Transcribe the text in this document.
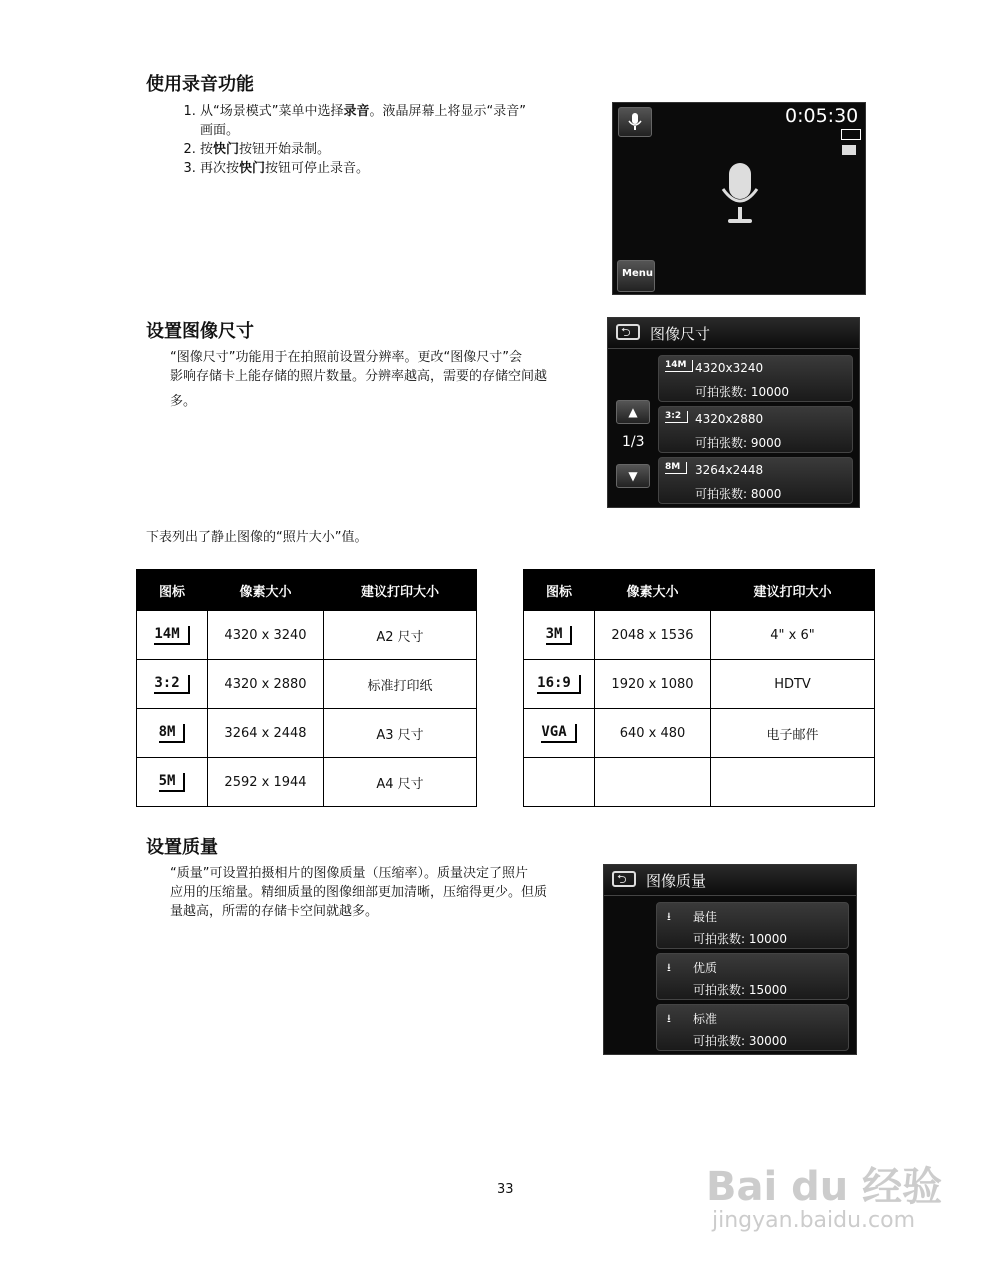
使用录音功能
1. 从“场景模式”菜单中选择录音。液晶屏幕上将显示“录音”
画面。
2. 按快门按钮开始录制。
3. 再次按快门按钮可停止录音。
0:05:30
Menu
设置图像尺寸
“图像尺寸”功能用于在拍照前设置分辨率。更改“图像尺寸”会
影响存储卡上能存储的照片数量。分辨率越高，需要的存储空间越
多。
⮌
图像尺寸
▲
1/3
▼
14M 4320x3240
可拍张数: 10000
3:2	4320x2880
可拍张数: 9000
8M	3264x2448
可拍张数: 8000
下表列出了静止图像的“照片大小”值。
图标	像素大小	建议打印大小
14M	4320 x 3240	A2 尺寸
3:2	4320 x 2880	标准打印纸
8M	3264 x 2448	A3 尺寸
5M	2592 x 1944	A4 尺寸
图标	像素大小	建议打印大小
3M	2048 x 1536	4" x 6"
16:9	1920 x 1080	HDTV
VGA	640 x 480	电子邮件

设置质量
“质量”可设置拍摄相片的图像质量（压缩率）。质量决定了照片
应用的压缩量。精细质量的图像细部更加清晰，压缩得更少。但质
量越高，所需的存储卡空间就越多。
⮌
图像质量
⭳ 最佳
可拍张数: 10000
⭳ 优质
可拍张数: 15000
⭳ 标准
可拍张数: 30000
33	Bai du 经验
jingyan.baidu.com
